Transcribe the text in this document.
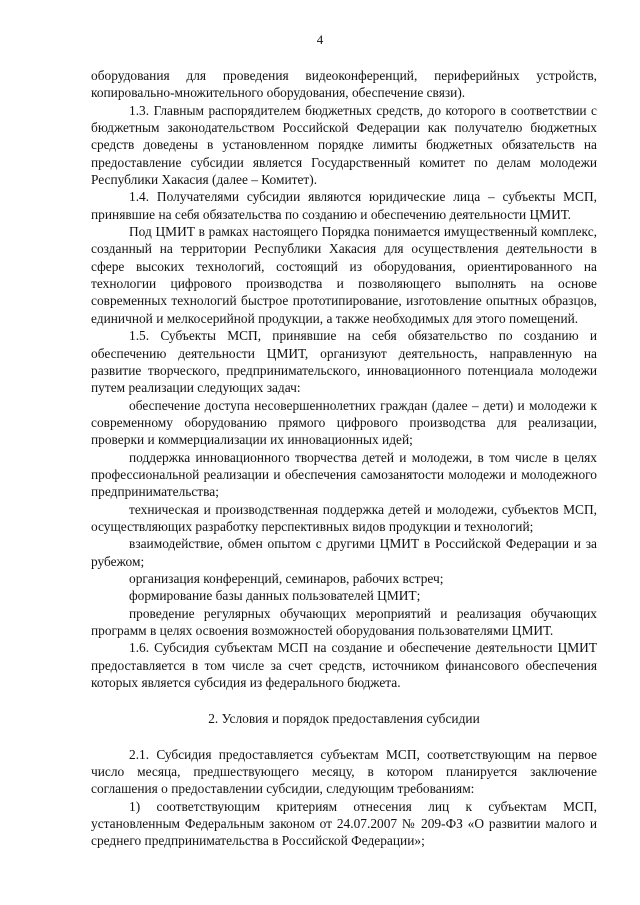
4

оборудования для проведения видеоконференций, периферийных устройств, копировально-множительного оборудования, обеспечение связи).

1.3. Главным распорядителем бюджетных средств, до которого в соответствии с бюджетным законодательством Российской Федерации как получателю бюджетных средств доведены в установленном порядке лимиты бюджетных обязательств на предоставление субсидии является Государственный комитет по делам молодежи Республики Хакасия (далее – Комитет).

1.4. Получателями субсидии являются юридические лица – субъекты МСП, принявшие на себя обязательства по созданию и обеспечению деятельности ЦМИТ.

Под ЦМИТ в рамках настоящего Порядка понимается имущественный комплекс, созданный на территории Республики Хакасия для осуществления деятельности в сфере высоких технологий, состоящий из оборудования, ориентированного на технологии цифрового производства и позволяющего выполнять на основе современных технологий быстрое прототипирование, изготовление опытных образцов, единичной и мелкосерийной продукции, а также необходимых для этого помещений.

1.5. Субъекты МСП, принявшие на себя обязательство по созданию и обеспечению деятельности ЦМИТ, организуют деятельность, направленную на развитие творческого, предпринимательского, инновационного потенциала молодежи путем реализации следующих задач:

обеспечение доступа несовершеннолетних граждан (далее – дети) и молодежи к современному оборудованию прямого цифрового производства для реализации, проверки и коммерциализации их инновационных идей;

поддержка инновационного творчества детей и молодежи, в том числе в целях профессиональной реализации и обеспечения самозанятости молодежи и молодежного предпринимательства;

техническая и производственная поддержка детей и молодежи, субъектов МСП, осуществляющих разработку перспективных видов продукции и технологий;

взаимодействие, обмен опытом с другими ЦМИТ в Российской Федерации и за рубежом;

организация конференций, семинаров, рабочих встреч;

формирование базы данных пользователей ЦМИТ;

проведение регулярных обучающих мероприятий и реализация обучающих программ в целях освоения возможностей оборудования пользователями ЦМИТ.

1.6. Субсидия субъектам МСП на создание и обеспечение деятельности ЦМИТ предоставляется в том числе за счет средств, источником финансового обеспечения которых является субсидия из федерального бюджета.

2. Условия и порядок предоставления субсидии

2.1. Субсидия предоставляется субъектам МСП, соответствующим на первое число месяца, предшествующего месяцу, в котором планируется заключение соглашения о предоставлении субсидии, следующим требованиям:

1) соответствующим критериям отнесения лиц к субъектам МСП, установленным Федеральным законом от 24.07.2007 № 209-ФЗ «О развитии малого и среднего предпринимательства в Российской Федерации»;
